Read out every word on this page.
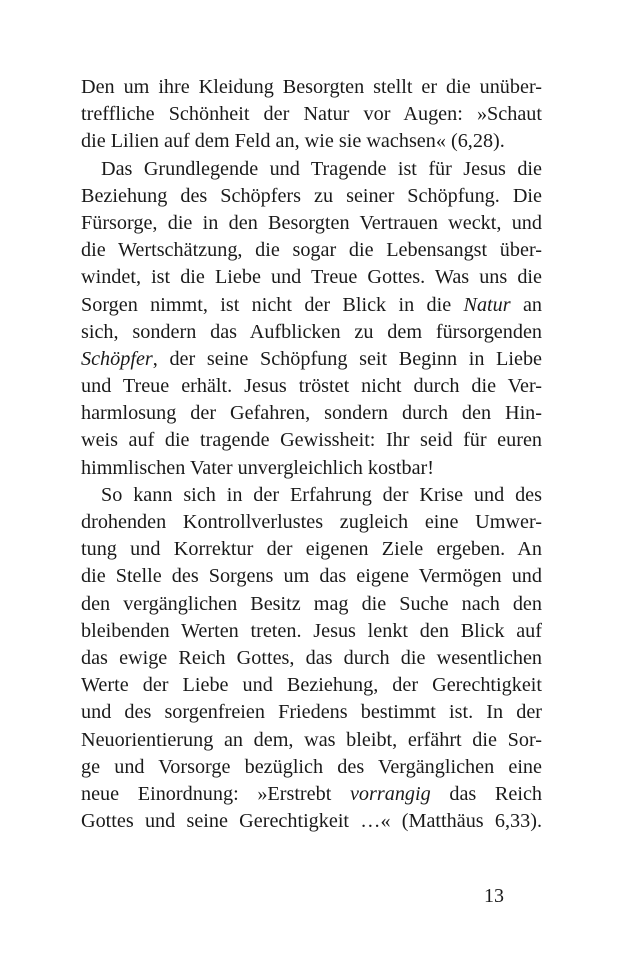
Den um ihre Kleidung Besorgten stellt er die unüber-
treffliche Schönheit der Natur vor Augen: »Schaut
die Lilien auf dem Feld an, wie sie wachsen« (6,28).
Das Grundlegende und Tragende ist für Jesus die
Beziehung des Schöpfers zu seiner Schöpfung. Die
Fürsorge, die in den Besorgten Vertrauen weckt, und
die Wertschätzung, die sogar die Lebensangst über-
windet, ist die Liebe und Treue Gottes. Was uns die
Sorgen nimmt, ist nicht der Blick in die Natur an
sich, sondern das Aufblicken zu dem fürsorgenden
Schöpfer, der seine Schöpfung seit Beginn in Liebe
und Treue erhält. Jesus tröstet nicht durch die Ver-
harmlosung der Gefahren, sondern durch den Hin-
weis auf die tragende Gewissheit: Ihr seid für euren
himmlischen Vater unvergleichlich kostbar!
So kann sich in der Erfahrung der Krise und des
drohenden Kontrollverlustes zugleich eine Umwer-
tung und Korrektur der eigenen Ziele ergeben. An
die Stelle des Sorgens um das eigene Vermögen und
den vergänglichen Besitz mag die Suche nach den
bleibenden Werten treten. Jesus lenkt den Blick auf
das ewige Reich Gottes, das durch die wesentlichen
Werte der Liebe und Beziehung, der Gerechtigkeit
und des sorgenfreien Friedens bestimmt ist. In der
Neuorientierung an dem, was bleibt, erfährt die Sor-
ge und Vorsorge bezüglich des Vergänglichen eine
neue Einordnung: »Erstrebt vorrangig das Reich
Gottes und seine Gerechtigkeit …« (Matthäus 6,33).
13
